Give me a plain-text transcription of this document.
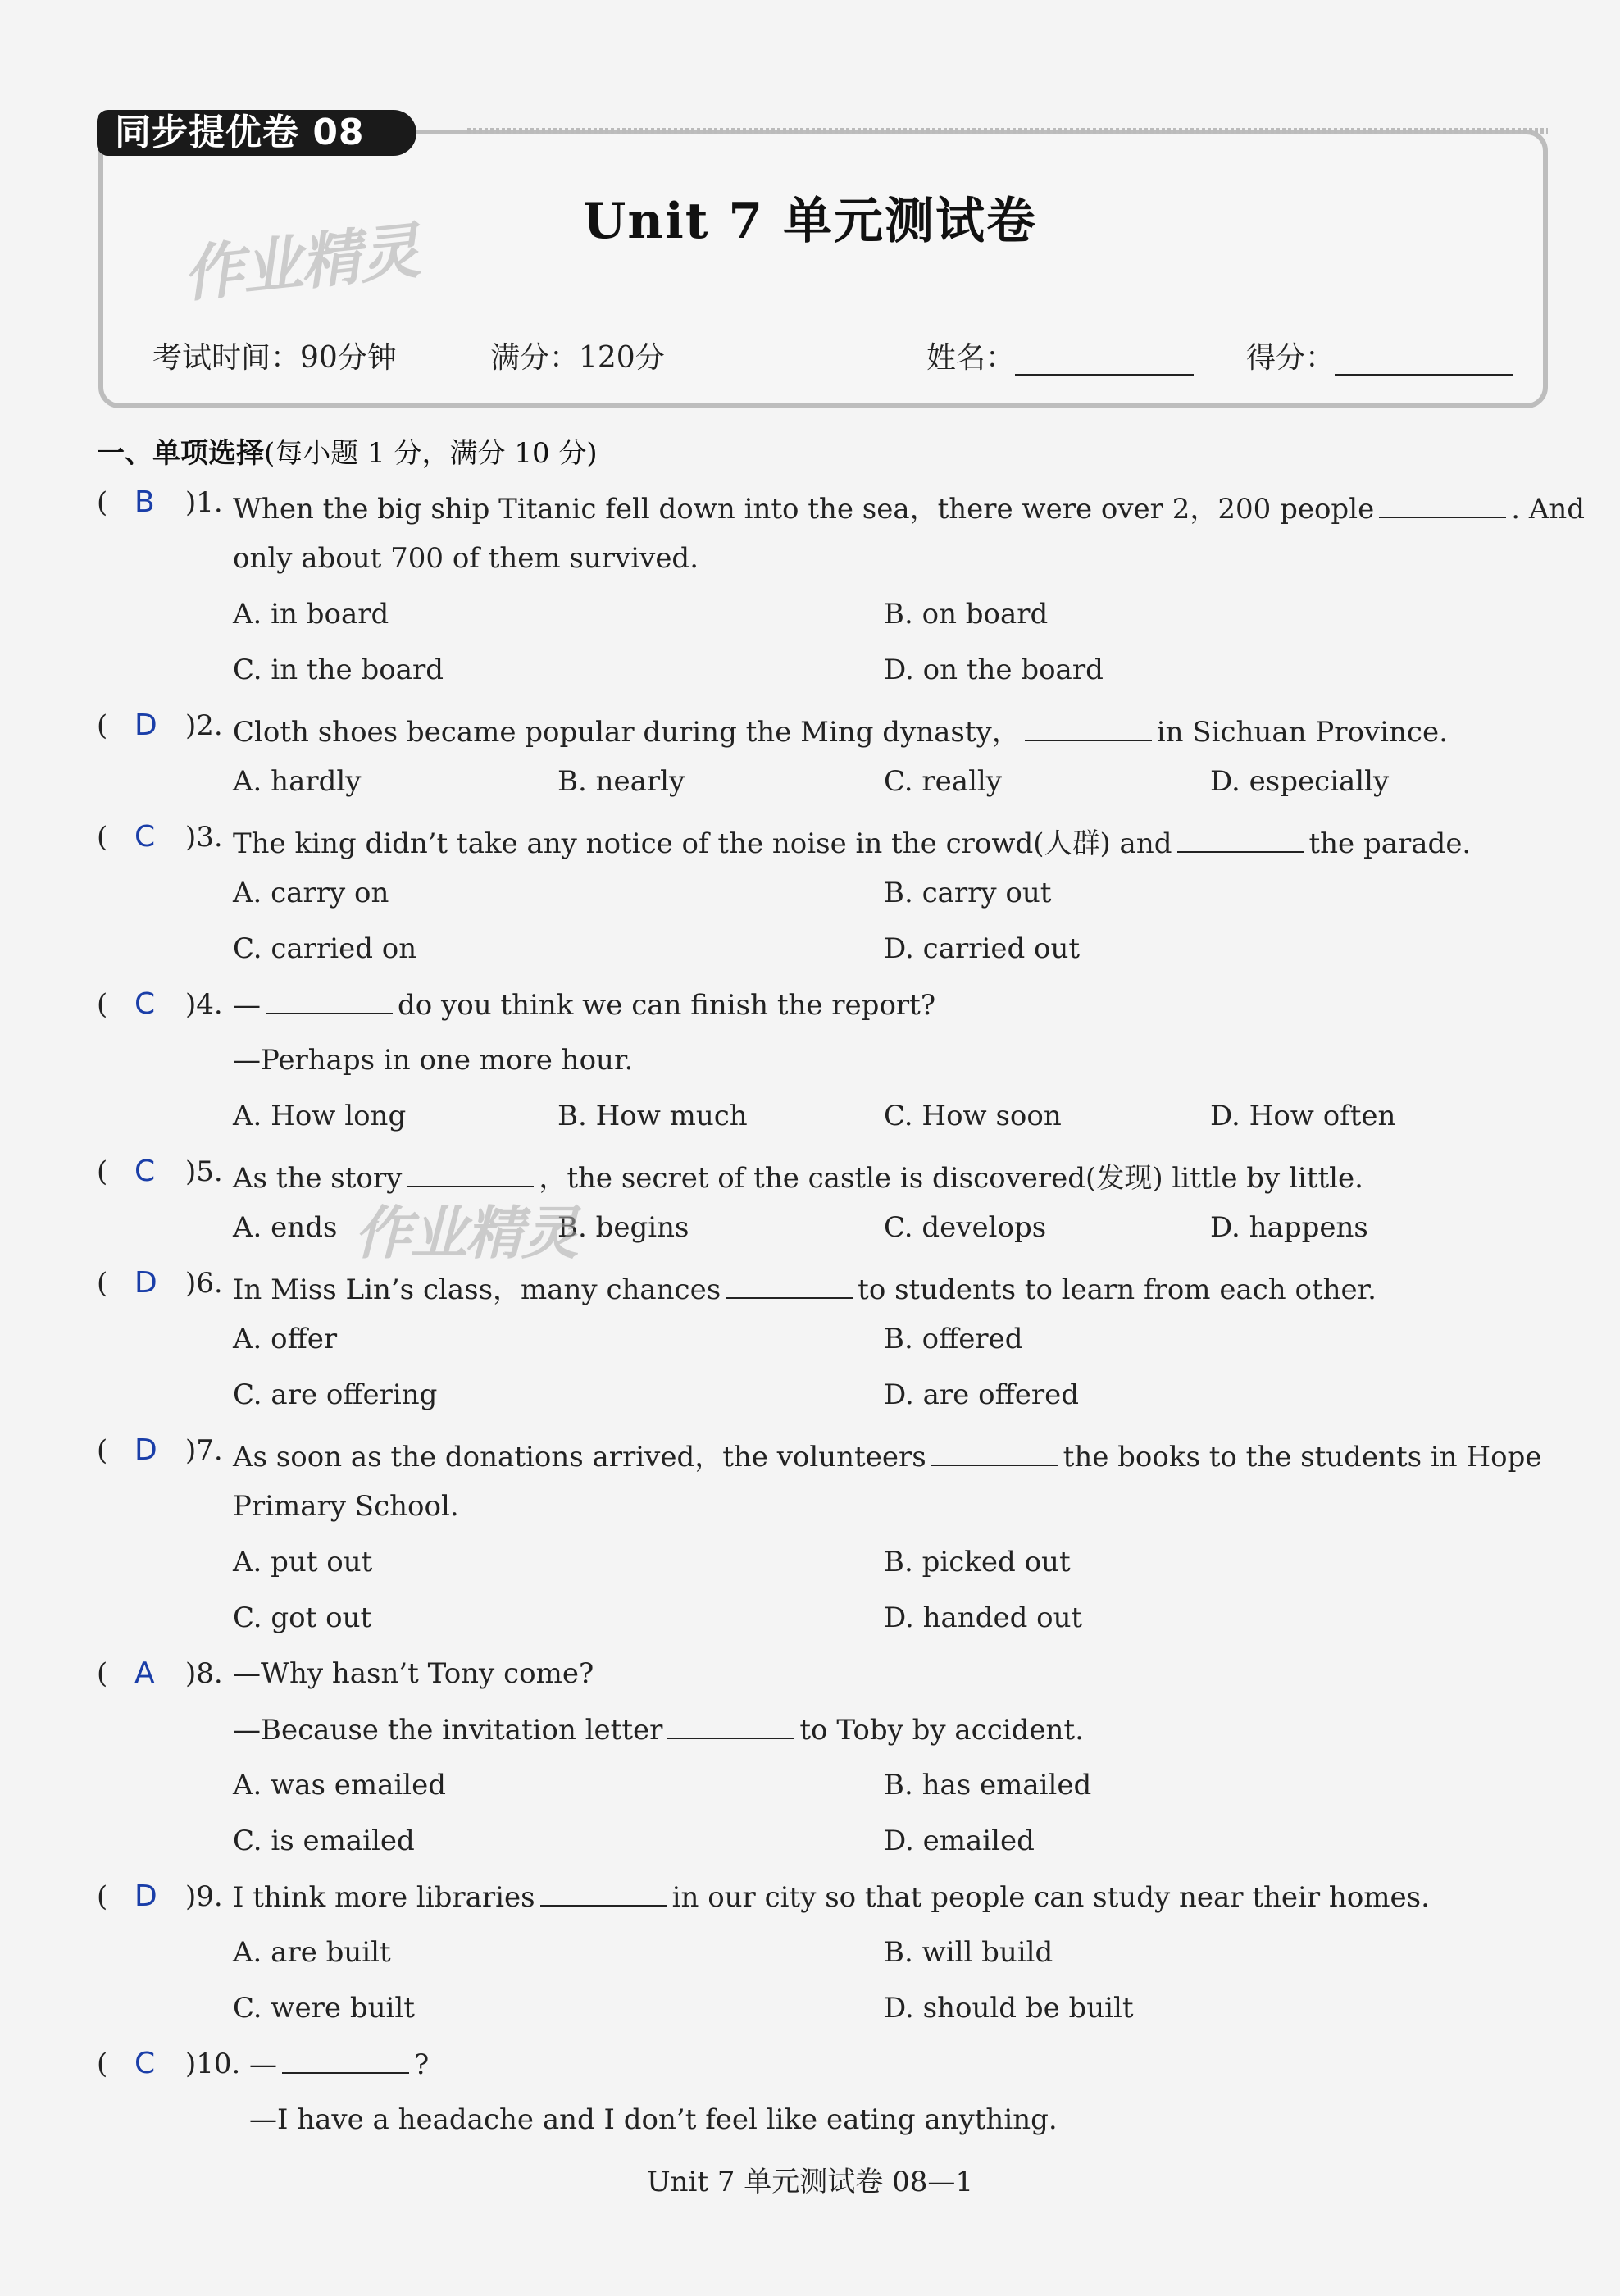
同步提优卷 08
作业精灵	Unit 7 单元测试卷
考试时间：90分钟	满分：120分	姓名：	得分：
一、单项选择(每小题 1 分，满分 10 分)
( B )1. When the big ship Titanic fell down into the sea，there were over 2，200 people	. And
only about 700 of them survived.
A. in board	B. on board
C. in the board	D. on the board
( D )2. Cloth shoes became popular during the Ming dynasty，	in Sichuan Province.
A. hardly	B. nearly	C. really	D. especially
( C )3. The king didn’t take any notice of the noise in the crowd(人群) and	the parade.
A. carry on	B. carry out
C. carried on	D. carried out
( C )4. —	do you think we can finish the report?
—Perhaps in one more hour.
A. How long	B. How much	C. How soon	D. How often
( C )5. As the story	，the secret of the castle is discovered(发现) little by little.
A. ends	B. begins	C. develops	D. happens
作业精灵
( D )6. In Miss Lin’s class，many chances	to students to learn from each other.
A. offer	B. offered
C. are offering	D. are offered
( D )7. As soon as the donations arrived，the volunteers	the books to the students in Hope
Primary School.
A. put out	B. picked out
C. got out	D. handed out
( A )8. —Why hasn’t Tony come?
—Because the invitation letter	to Toby by accident.
A. was emailed	B. has emailed
C. is emailed	D. emailed
( D )9. I think more libraries	in our city so that people can study near their homes.
A. are built	B. will build
C. were built	D. should be built
( C )10. —	?
—I have a headache and I don’t feel like eating anything.
Unit 7 单元测试卷 08—1
